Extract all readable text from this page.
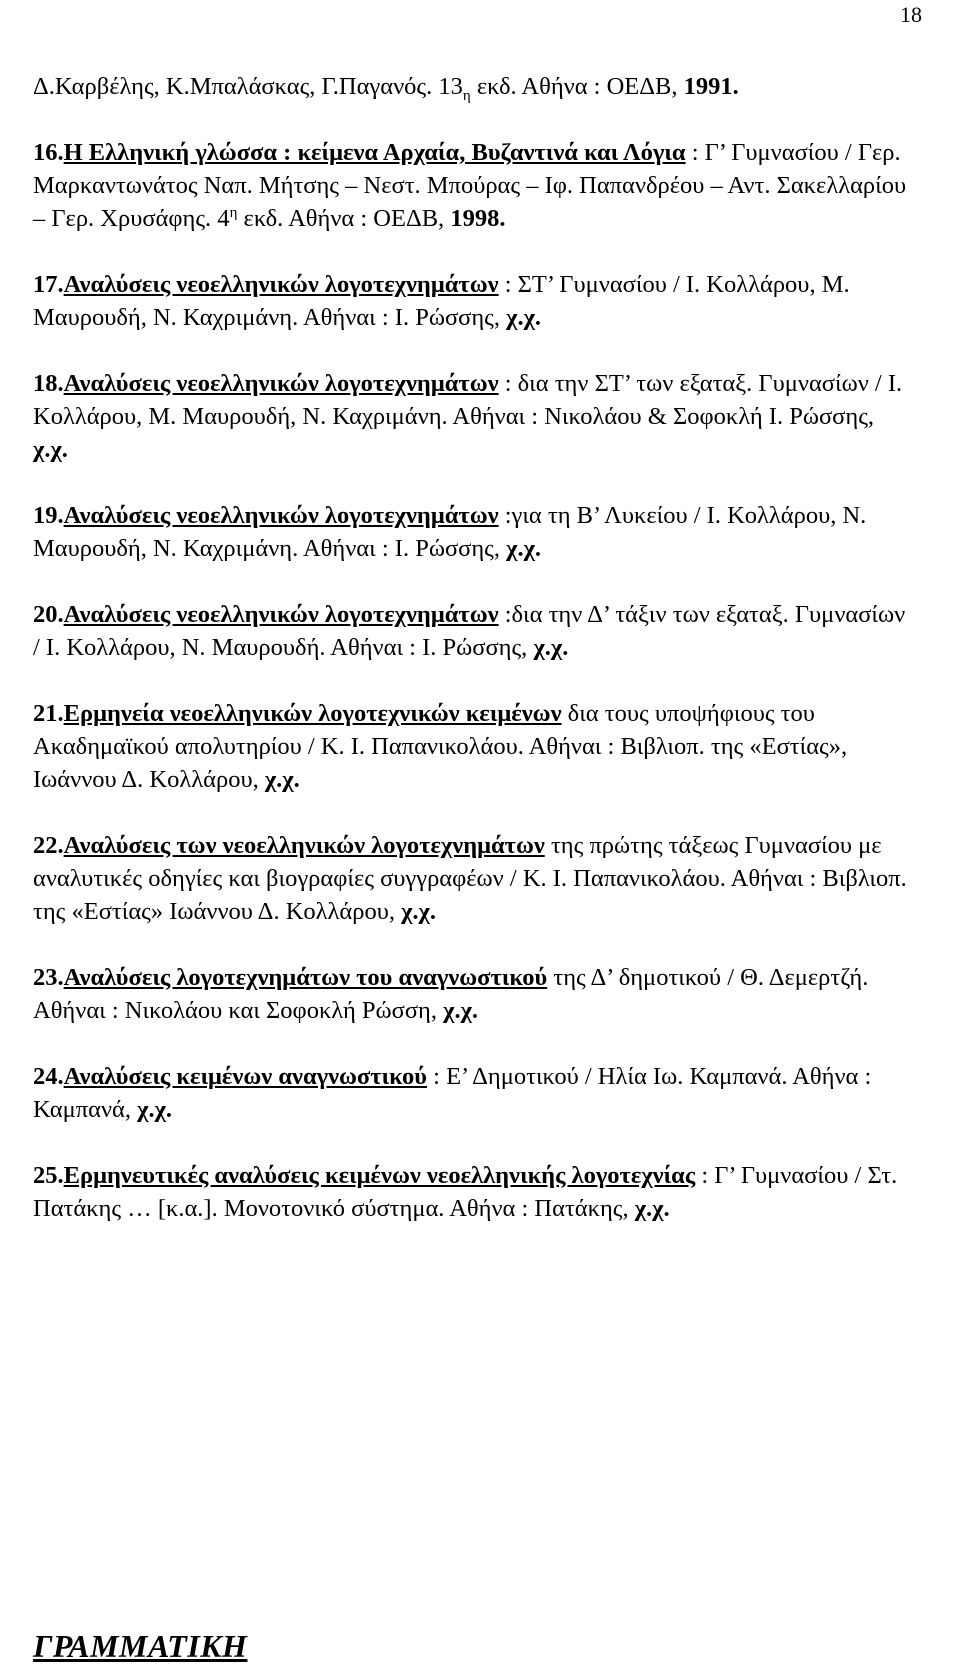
18
Δ.Καρβέλης, Κ.Μπαλάσκας, Γ.Παγανός. $13_\eta$ εκδ. Αθήνα : ΟΕΔΒ, 1991.
16.Η Ελληνική γλώσσα : κείμενα Αρχαία, Βυζαντινά και Λόγια : Γ’ Γυμνασίου / Γερ. Μαρκαντωνάτος Ναπ. Μήτσης – Νεστ. Μπούρας – Ιφ. Παπανδρέου – Αντ. Σακελλαρίου – Γερ. Χρυσάφης. $4^\eta$ εκδ. Αθήνα : ΟΕΔΒ, 1998.
17.Αναλύσεις νεοελληνικών λογοτεχνημάτων : ΣΤ’ Γυμνασίου / Ι. Κολλάρου, Μ. Μαυρουδή, Ν. Καχριμάνη. Αθήναι : Ι. Ρώσσης, χ.χ.
18.Αναλύσεις νεοελληνικών λογοτεχνημάτων : δια την ΣΤ’ των εξαταξ. Γυμνασίων / Ι. Κολλάρου, Μ. Μαυρουδή, Ν. Καχριμάνη. Αθήναι : Νικολάου & Σοφοκλή Ι. Ρώσσης, χ.χ.
19.Αναλύσεις νεοελληνικών λογοτεχνημάτων :για τη Β’ Λυκείου / Ι. Κολλάρου, Ν. Μαυρουδή, Ν. Καχριμάνη. Αθήναι : Ι. Ρώσσης, χ.χ.
20.Αναλύσεις νεοελληνικών λογοτεχνημάτων :δια την Δ’ τάξιν των εξαταξ. Γυμνασίων / Ι. Κολλάρου, Ν. Μαυρουδή. Αθήναι : Ι. Ρώσσης, χ.χ.
21.Ερμηνεία νεοελληνικών λογοτεχνικών κειμένων δια τους υποψήφιους του Ακαδημαϊκού απολυτηρίου / Κ. Ι. Παπανικολάου. Αθήναι : Βιβλιοπ. της «Εστίας», Ιωάννου Δ. Κολλάρου, χ.χ.
22.Αναλύσεις των νεοελληνικών λογοτεχνημάτων της πρώτης τάξεως Γυμνασίου με αναλυτικές οδηγίες και βιογραφίες συγγραφέων / Κ. Ι. Παπανικολάου. Αθήναι : Βιβλιοπ. της «Εστίας» Ιωάννου Δ. Κολλάρου, χ.χ.
23.Αναλύσεις λογοτεχνημάτων του αναγνωστικού της Δ’ δημοτικού / Θ. Δεμερτζή. Αθήναι : Νικολάου και Σοφοκλή Ρώσση, χ.χ.
24.Αναλύσεις κειμένων αναγνωστικού : Ε’ Δημοτικού / Ηλία Ιω. Καμπανά. Αθήνα : Καμπανά, χ.χ.
25.Ερμηνευτικές αναλύσεις κειμένων νεοελληνικής λογοτεχνίας : Γ’ Γυμνασίου / Στ. Πατάκης … [κ.α.]. Μονοτονικό σύστημα. Αθήνα : Πατάκης, χ.χ.
ΓΡΑΜΜΑΤΙΚΗ
